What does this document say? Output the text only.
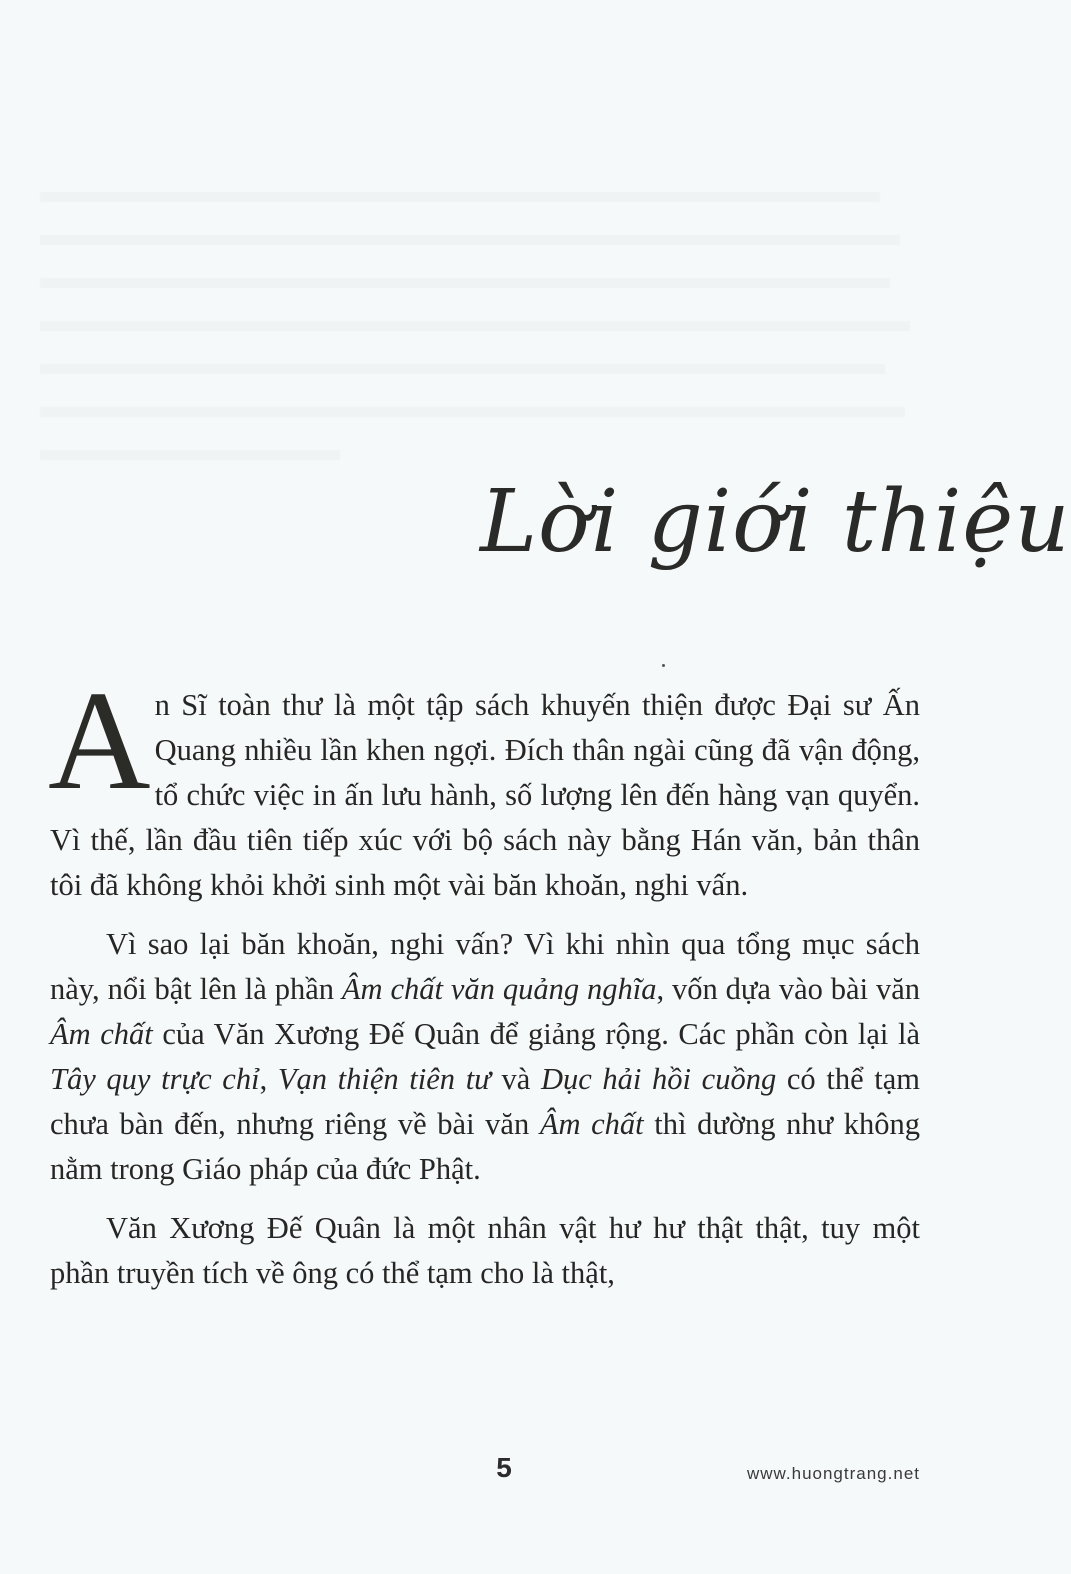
Lời giới thiệu

An Sĩ toàn thư là một tập sách khuyến thiện được Đại sư Ấn Quang nhiều lần khen ngợi. Đích thân ngài cũng đã vận động, tổ chức việc in ấn lưu hành, số lượng lên đến hàng vạn quyển. Vì thế, lần đầu tiên tiếp xúc với bộ sách này bằng Hán văn, bản thân tôi đã không khỏi khởi sinh một vài băn khoăn, nghi vấn.

Vì sao lại băn khoăn, nghi vấn? Vì khi nhìn qua tổng mục sách này, nổi bật lên là phần Âm chất văn quảng nghĩa, vốn dựa vào bài văn Âm chất của Văn Xương Đế Quân để giảng rộng. Các phần còn lại là Tây quy trực chỉ, Vạn thiện tiên tư và Dục hải hồi cuồng có thể tạm chưa bàn đến, nhưng riêng về bài văn Âm chất thì dường như không nằm trong Giáo pháp của đức Phật.

Văn Xương Đế Quân là một nhân vật hư hư thật thật, tuy một phần truyền tích về ông có thể tạm cho là thật,

5	www.huongtrang.net
